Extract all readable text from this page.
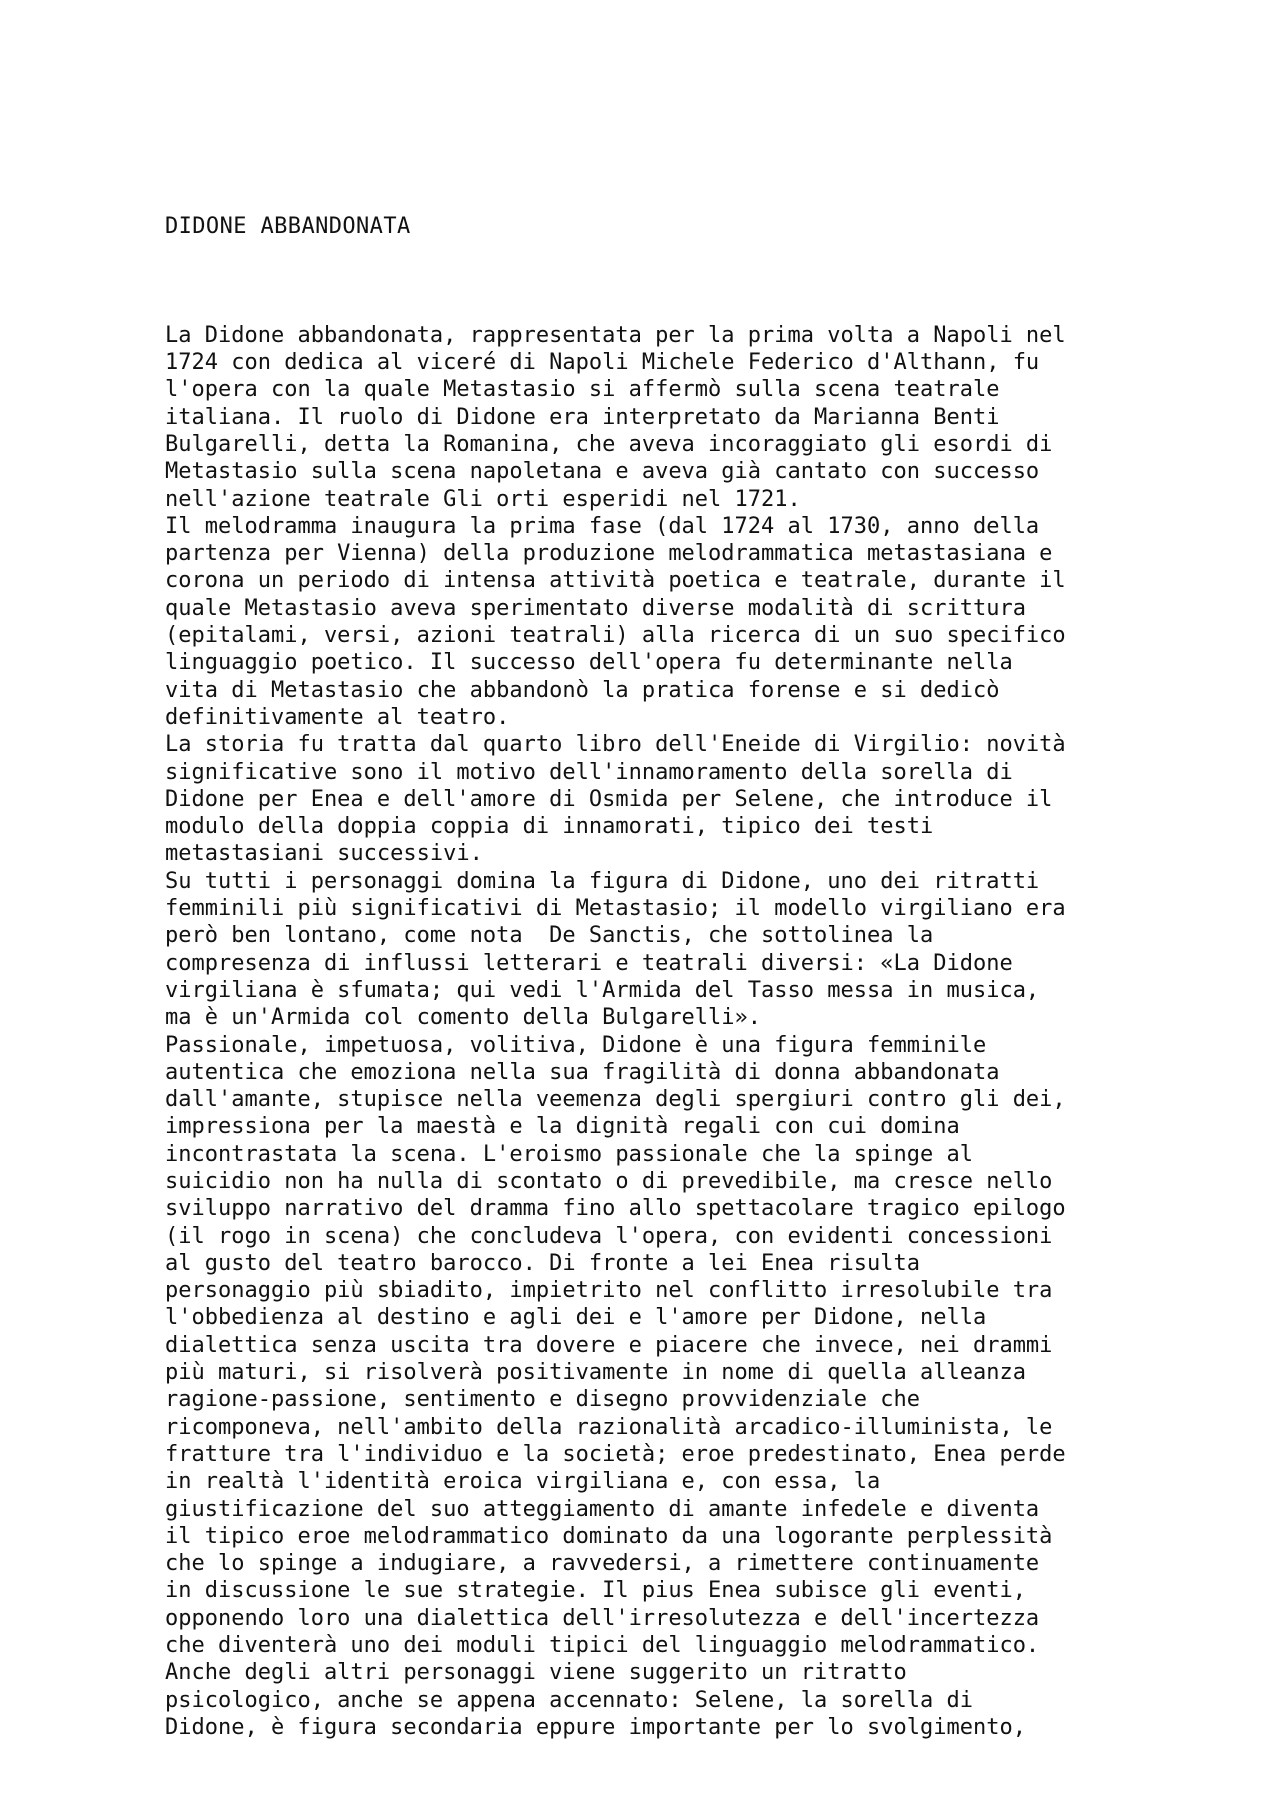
DIDONE ABBANDONATA

La Didone abbandonata, rappresentata per la prima volta a Napoli nel
1724 con dedica al viceré di Napoli Michele Federico d'Althann, fu
l'opera con la quale Metastasio si affermò sulla scena teatrale
italiana. Il ruolo di Didone era interpretato da Marianna Benti
Bulgarelli, detta la Romanina, che aveva incoraggiato gli esordi di
Metastasio sulla scena napoletana e aveva già cantato con successo
nell'azione teatrale Gli orti esperidi nel 1721.
Il melodramma inaugura la prima fase (dal 1724 al 1730, anno della
partenza per Vienna) della produzione melodrammatica metastasiana e
corona un periodo di intensa attività poetica e teatrale, durante il
quale Metastasio aveva sperimentato diverse modalità di scrittura
(epitalami, versi, azioni teatrali) alla ricerca di un suo specifico
linguaggio poetico. Il successo dell'opera fu determinante nella
vita di Metastasio che abbandonò la pratica forense e si dedicò
definitivamente al teatro.
La storia fu tratta dal quarto libro dell'Eneide di Virgilio: novità
significative sono il motivo dell'innamoramento della sorella di
Didone per Enea e dell'amore di Osmida per Selene, che introduce il
modulo della doppia coppia di innamorati, tipico dei testi
metastasiani successivi.
Su tutti i personaggi domina la figura di Didone, uno dei ritratti
femminili più significativi di Metastasio; il modello virgiliano era
però ben lontano, come nota  De Sanctis, che sottolinea la
compresenza di influssi letterari e teatrali diversi: «La Didone
virgiliana è sfumata; qui vedi l'Armida del Tasso messa in musica,
ma è un'Armida col comento della Bulgarelli».
Passionale, impetuosa, volitiva, Didone è una figura femminile
autentica che emoziona nella sua fragilità di donna abbandonata
dall'amante, stupisce nella veemenza degli spergiuri contro gli dei,
impressiona per la maestà e la dignità regali con cui domina
incontrastata la scena. L'eroismo passionale che la spinge al
suicidio non ha nulla di scontato o di prevedibile, ma cresce nello
sviluppo narrativo del dramma fino allo spettacolare tragico epilogo
(il rogo in scena) che concludeva l'opera, con evidenti concessioni
al gusto del teatro barocco. Di fronte a lei Enea risulta
personaggio più sbiadito, impietrito nel conflitto irresolubile tra
l'obbedienza al destino e agli dei e l'amore per Didone, nella
dialettica senza uscita tra dovere e piacere che invece, nei drammi
più maturi, si risolverà positivamente in nome di quella alleanza
ragione-passione, sentimento e disegno provvidenziale che
ricomponeva, nell'ambito della razionalità arcadico-illuminista, le
fratture tra l'individuo e la società; eroe predestinato, Enea perde
in realtà l'identità eroica virgiliana e, con essa, la
giustificazione del suo atteggiamento di amante infedele e diventa
il tipico eroe melodrammatico dominato da una logorante perplessità
che lo spinge a indugiare, a ravvedersi, a rimettere continuamente
in discussione le sue strategie. Il pius Enea subisce gli eventi,
opponendo loro una dialettica dell'irresolutezza e dell'incertezza
che diventerà uno dei moduli tipici del linguaggio melodrammatico.
Anche degli altri personaggi viene suggerito un ritratto
psicologico, anche se appena accennato: Selene, la sorella di
Didone, è figura secondaria eppure importante per lo svolgimento,
